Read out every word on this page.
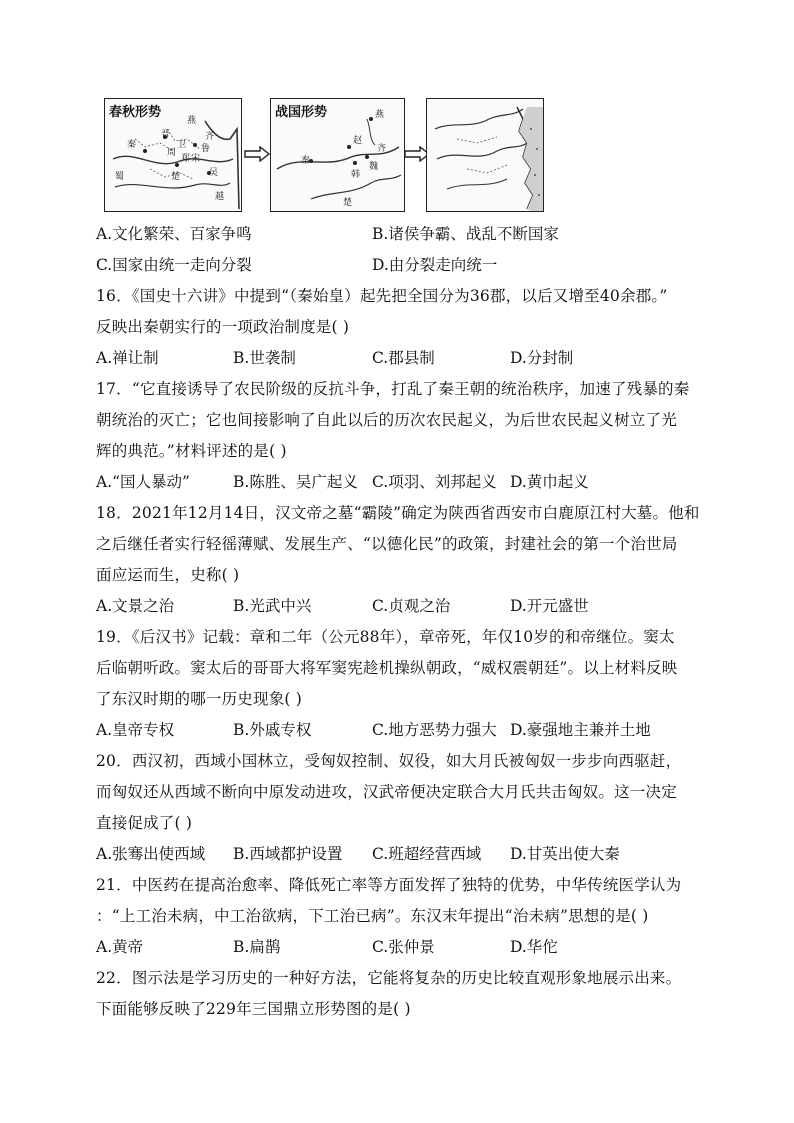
春秋形势
燕
晋	齐
秦
周
宋
楚	吴
越
蜀
鲁
郑
卫
战国形势	燕
赵
齐
秦
魏
韩
楚
A.文化繁荣、百家争鸣	B.诸侯争霸、战乱不断国家
C.国家由统一走向分裂	D.由分裂走向统一
16．《国史十六讲》中提到“（秦始皇）起先把全国分为36郡，以后又增至40余郡。”
反映出秦朝实行的一项政治制度是( )
A.禅让制	B.世袭制	C.郡县制	D.分封制
17．“它直接诱导了农民阶级的反抗斗争，打乱了秦王朝的统治秩序，加速了残暴的秦
朝统治的灭亡；它也间接影响了自此以后的历次农民起义，为后世农民起义树立了光
辉的典范。”材料评述的是( )
A.“国人暴动”	B.陈胜、吴广起义 C.项羽、刘邦起义 D.黄巾起义
18．2021年12月14日，汉文帝之墓“霸陵”确定为陕西省西安市白鹿原江村大墓。他和
之后继任者实行轻徭薄赋、发展生产、“以德化民”的政策，封建社会的第一个治世局
面应运而生，史称( )
A.文景之治	B.光武中兴	C.贞观之治	D.开元盛世
19．《后汉书》记载：章和二年（公元88年），章帝死，年仅10岁的和帝继位。窦太
后临朝听政。窦太后的哥哥大将军窦宪趁机操纵朝政，“威权震朝廷”。以上材料反映
了东汉时期的哪一历史现象( )
A.皇帝专权	B.外戚专权	C.地方恶势力强大 D.豪强地主兼并土地
20．西汉初，西域小国林立，受匈奴控制、奴役，如大月氏被匈奴一步步向西驱赶，
而匈奴还从西域不断向中原发动进攻，汉武帝便决定联合大月氏共击匈奴。这一决定
直接促成了( )
A.张骞出使西域 B.西域都护设置 C.班超经营西域 D.甘英出使大秦
21．中医药在提高治愈率、降低死亡率等方面发挥了独特的优势，中华传统医学认为
：“上工治未病，中工治欲病，下工治已病”。东汉末年提出“治未病”思想的是( )
A.黄帝	B.扁鹊	C.张仲景	D.华佗
22．图示法是学习历史的一种好方法，它能将复杂的历史比较直观形象地展示出来。
下面能够反映了229年三国鼎立形势图的是( )
